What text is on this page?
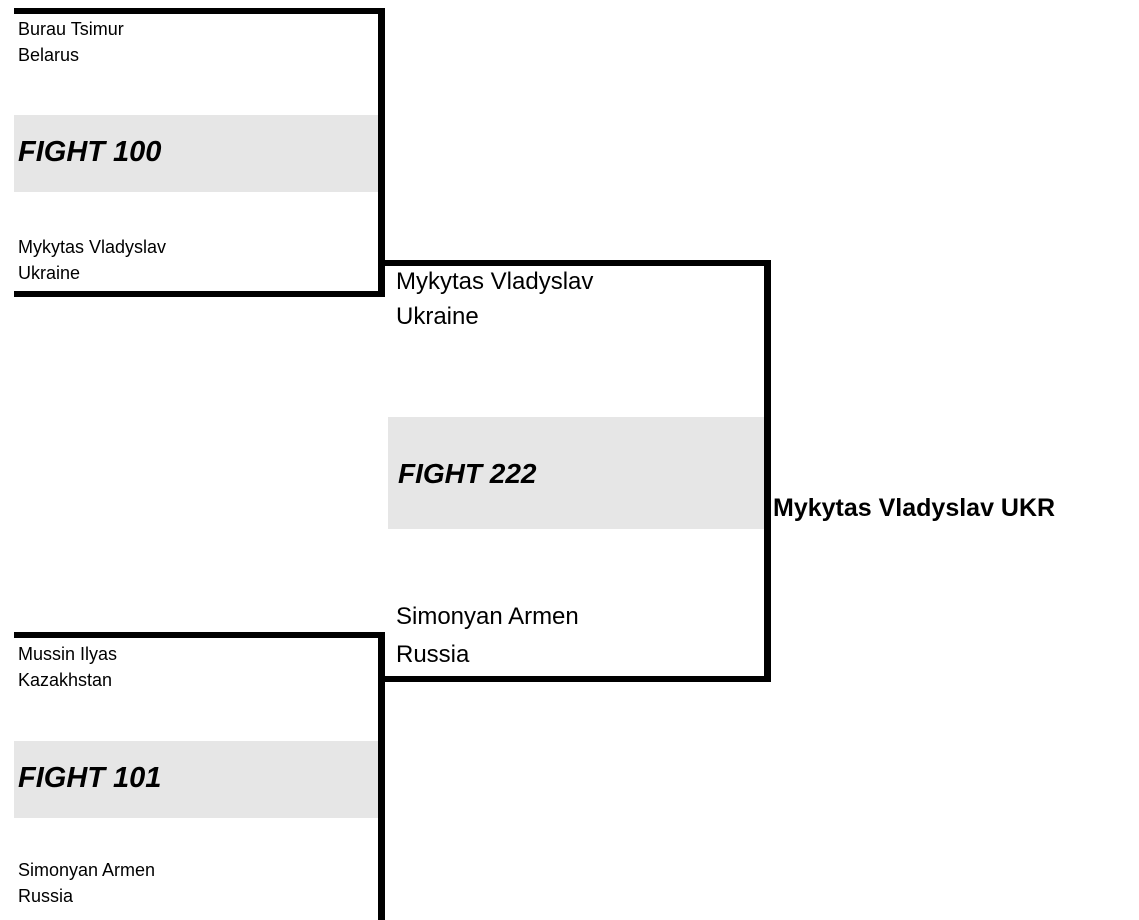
Burau Tsimur
Belarus
FIGHT 100
Mykytas Vladyslav
Ukraine
Mussin Ilyas
Kazakhstan
FIGHT 101
Simonyan Armen
Russia
Mykytas Vladyslav
Ukraine
FIGHT 222
Simonyan Armen
Russia
Mykytas Vladyslav UKR
